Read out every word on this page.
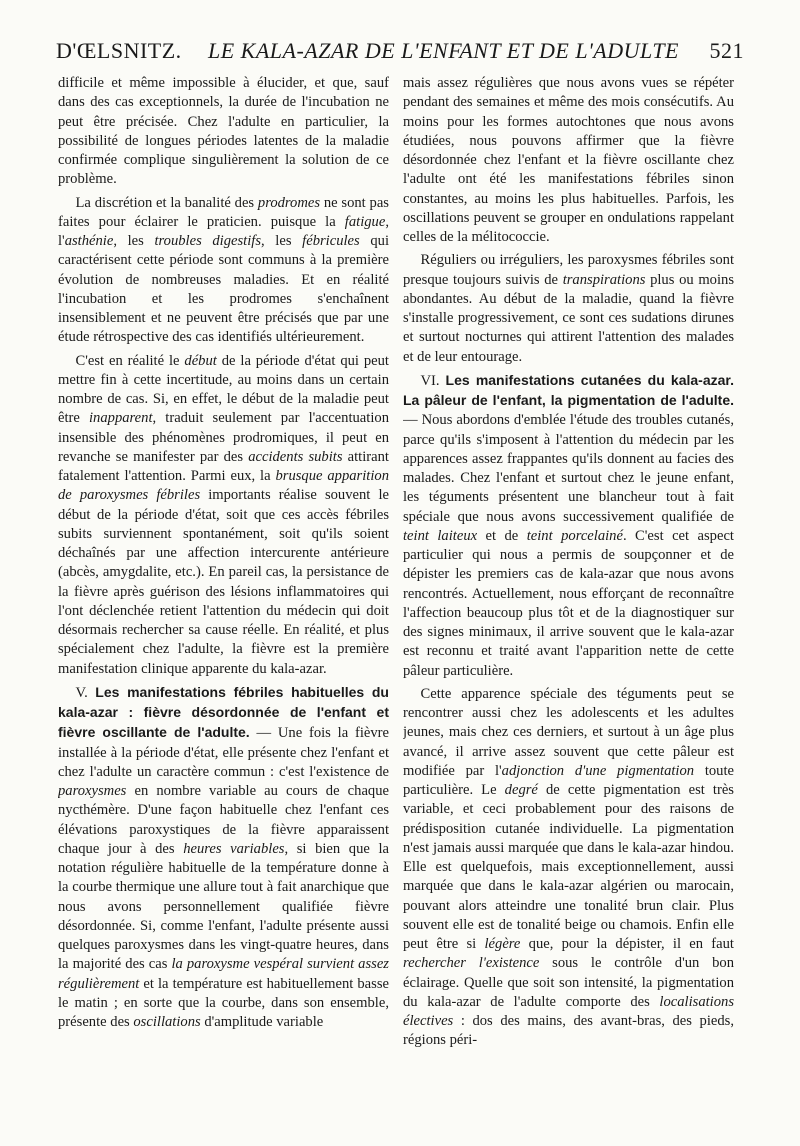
D'ŒLSNITZ. LE KALA-AZAR DE L'ENFANT ET DE L'ADULTE 521

difficile et même impossible à élucider, et que, sauf dans des cas exceptionnels, la durée de l'incubation ne peut être précisée. Chez l'adulte en particulier, la possibilité de longues périodes latentes de la maladie confirmée complique singulièrement la solution de ce problème.

La discrétion et la banalité des prodromes ne sont pas faites pour éclairer le praticien. puisque la fatigue, l'asthénie, les troubles digestifs, les fébricules qui caractérisent cette période sont communs à la première évolution de nombreuses maladies. Et en réalité l'incubation et les prodromes s'enchaînent insensiblement et ne peuvent être précisés que par une étude rétrospective des cas identifiés ultérieurement.

C'est en réalité le début de la période d'état qui peut mettre fin à cette incertitude, au moins dans un certain nombre de cas. Si, en effet, le début de la maladie peut être inapparent, traduit seulement par l'accentuation insensible des phénomènes prodromiques, il peut en revanche se manifester par des accidents subits attirant fatalement l'attention. Parmi eux, la brusque apparition de paroxysmes fébriles importants réalise souvent le début de la période d'état, soit que ces accès fébriles subits surviennent spontanément, soit qu'ils soient déchaînés par une affection intercurente antérieure (abcès, amygdalite, etc.). En pareil cas, la persistance de la fièvre après guérison des lésions inflammatoires qui l'ont déclenchée retient l'attention du médecin qui doit désormais rechercher sa cause réelle. En réalité, et plus spécialement chez l'adulte, la fièvre est la première manifestation clinique apparente du kala-azar.

V. Les manifestations fébriles habituelles du kala-azar : fièvre désordonnée de l'enfant et fièvre oscillante de l'adulte. — Une fois la fièvre installée à la période d'état, elle présente chez l'enfant et chez l'adulte un caractère commun : c'est l'existence de paroxysmes en nombre variable au cours de chaque nycthémère. D'une façon habituelle chez l'enfant ces élévations paroxystiques de la fièvre apparaissent chaque jour à des heures variables, si bien que la notation régulière habituelle de la température donne à la courbe thermique une allure tout à fait anarchique que nous avons personnellement qualifiée fièvre désordonnée. Si, comme l'enfant, l'adulte présente aussi quelques paroxysmes dans les vingt-quatre heures, dans la majorité des cas la paroxysme vespéral survient assez régulièrement et la température est habituellement basse le matin ; en sorte que la courbe, dans son ensemble, présente des oscillations d'amplitude variable

mais assez régulières que nous avons vues se répéter pendant des semaines et même des mois consécutifs. Au moins pour les formes autochtones que nous avons étudiées, nous pouvons affirmer que la fièvre désordonnée chez l'enfant et la fièvre oscillante chez l'adulte ont été les manifestations fébriles sinon constantes, au moins les plus habituelles. Parfois, les oscillations peuvent se grouper en ondulations rappelant celles de la mélitococcie.

Réguliers ou irréguliers, les paroxysmes fébriles sont presque toujours suivis de transpirations plus ou moins abondantes. Au début de la maladie, quand la fièvre s'installe progressivement, ce sont ces sudations dirunes et surtout nocturnes qui attirent l'attention des malades et de leur entourage.

VI. Les manifestations cutanées du kala-azar. La pâleur de l'enfant, la pigmentation de l'adulte. — Nous abordons d'emblée l'étude des troubles cutanés, parce qu'ils s'imposent à l'attention du médecin par les apparences assez frappantes qu'ils donnent au facies des malades. Chez l'enfant et surtout chez le jeune enfant, les téguments présentent une blancheur tout à fait spéciale que nous avons successivement qualifiée de teint laiteux et de teint porcelainé. C'est cet aspect particulier qui nous a permis de soupçonner et de dépister les premiers cas de kala-azar que nous avons rencontrés. Actuellement, nous efforçant de reconnaître l'affection beaucoup plus tôt et de la diagnostiquer sur des signes minimaux, il arrive souvent que le kala-azar est reconnu et traité avant l'apparition nette de cette pâleur particulière.

Cette apparence spéciale des téguments peut se rencontrer aussi chez les adolescents et les adultes jeunes, mais chez ces derniers, et surtout à un âge plus avancé, il arrive assez souvent que cette pâleur est modifiée par l'adjonction d'une pigmentation toute particulière. Le degré de cette pigmentation est très variable, et ceci probablement pour des raisons de prédisposition cutanée individuelle. La pigmentation n'est jamais aussi marquée que dans le kala-azar hindou. Elle est quelquefois, mais exceptionnellement, aussi marquée que dans le kala-azar algérien ou marocain, pouvant alors atteindre une tonalité brun clair. Plus souvent elle est de tonalité beige ou chamois. Enfin elle peut être si légère que, pour la dépister, il en faut rechercher l'existence sous le contrôle d'un bon éclairage. Quelle que soit son intensité, la pigmentation du kala-azar de l'adulte comporte des localisations électives : dos des mains, des avant-bras, des pieds, régions péri-
